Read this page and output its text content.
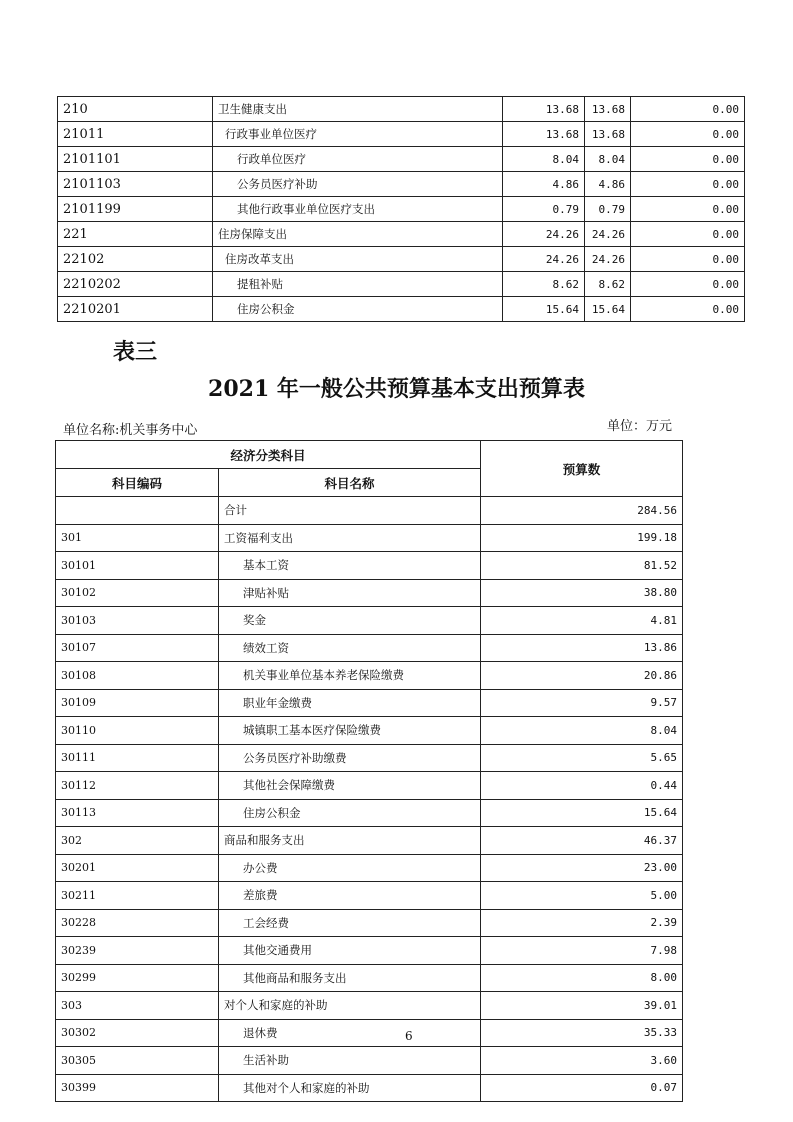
210	卫生健康支出	13.68	13.68	0.00
21011	行政事业单位医疗	13.68	13.68	0.00
2101101	行政单位医疗	8.04	8.04	0.00
2101103	公务员医疗补助	4.86	4.86	0.00
2101199	其他行政事业单位医疗支出	0.79	0.79	0.00
221	住房保障支出	24.26	24.26	0.00
22102	住房改革支出	24.26	24.26	0.00
2210202	提租补贴	8.62	8.62	0.00
2210201	住房公积金	15.64	15.64	0.00
表三
2021 年一般公共预算基本支出预算表
单位名称:机关事务中心	单位：万元
经济分类科目		预算数
科目编码	科目名称	
	合计	284.56
301	工资福利支出	199.18
30101	基本工资	81.52
30102	津贴补贴	38.80
30103	奖金	4.81
30107	绩效工资	13.86
30108	机关事业单位基本养老保险缴费	20.86
30109	职业年金缴费	9.57
30110	城镇职工基本医疗保险缴费	8.04
30111	公务员医疗补助缴费	5.65
30112	其他社会保障缴费	0.44
30113	住房公积金	15.64
302	商品和服务支出	46.37
30201	办公费	23.00
30211	差旅费	5.00
30228	工会经费	2.39
30239	其他交通费用	7.98
30299	其他商品和服务支出	8.00
303	对个人和家庭的补助	39.01
30302	退休费	35.33
30305	生活补助	3.60
30399	其他对个人和家庭的补助	0.07
6
